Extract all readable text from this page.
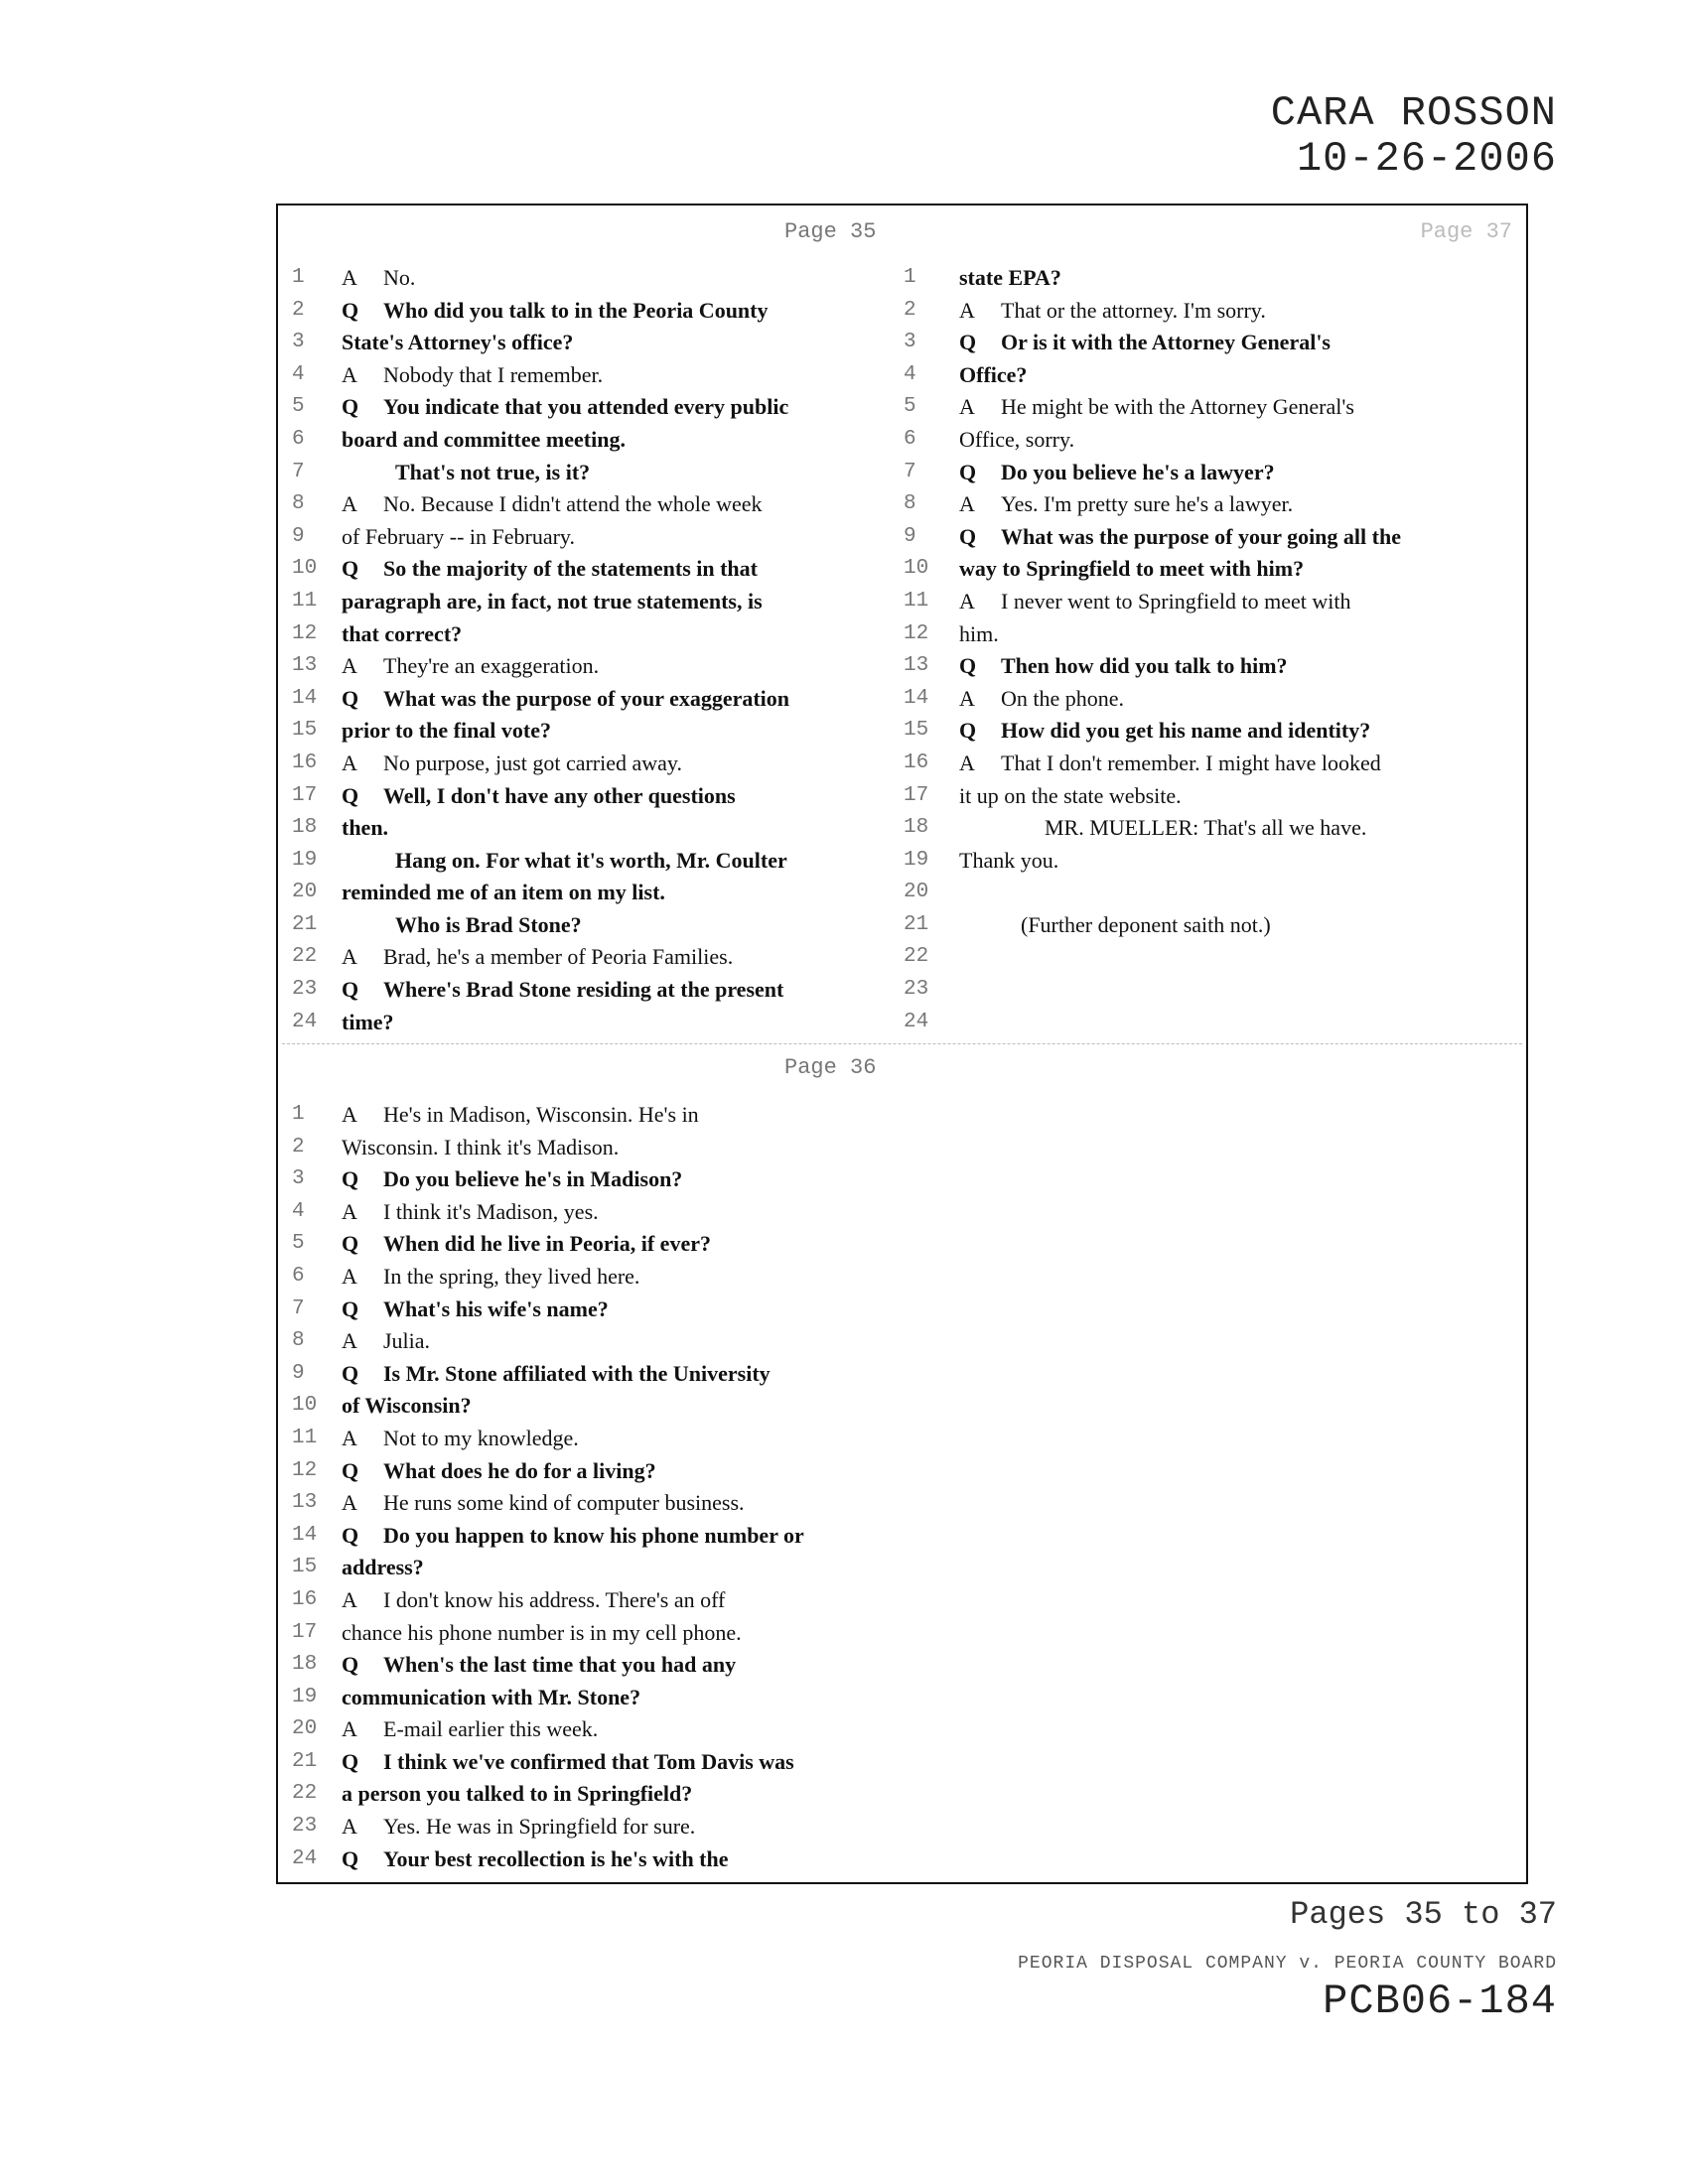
CARA ROSSON
10-26-2006
Page 35	Page 37
1	A No.
2	Q Who did you talk to in the Peoria County
3	State's Attorney's office?
4	A Nobody that I remember.
5	Q You indicate that you attended every public
6	board and committee meeting.
7	That's not true, is it?
8	A No. Because I didn't attend the whole week
9	of February -- in February.
10	Q So the majority of the statements in that
11	paragraph are, in fact, not true statements, is
12	that correct?
13	A They're an exaggeration.
14	Q What was the purpose of your exaggeration
15	prior to the final vote?
16	A No purpose, just got carried away.
17	Q Well, I don't have any other questions
18	then.
19	Hang on. For what it's worth, Mr. Coulter
20	reminded me of an item on my list.
21	Who is Brad Stone?
22	A Brad, he's a member of Peoria Families.
23	Q Where's Brad Stone residing at the present
24	time?
1	state EPA?
2	A That or the attorney. I'm sorry.
3	Q Or is it with the Attorney General's
4	Office?
5	A He might be with the Attorney General's
6	Office, sorry.
7	Q Do you believe he's a lawyer?
8	A Yes. I'm pretty sure he's a lawyer.
9	Q What was the purpose of your going all the
10	way to Springfield to meet with him?
11	A I never went to Springfield to meet with
12	him.
13	Q Then how did you talk to him?
14	A On the phone.
15	Q How did you get his name and identity?
16	A That I don't remember. I might have looked
17	it up on the state website.
18	MR. MUELLER: That's all we have.
19	Thank you.
20
21	(Further deponent saith not.)
22
23
24
Page 36
1	A He's in Madison, Wisconsin. He's in
2	Wisconsin. I think it's Madison.
3	Q Do you believe he's in Madison?
4	A I think it's Madison, yes.
5	Q When did he live in Peoria, if ever?
6	A In the spring, they lived here.
7	Q What's his wife's name?
8	A Julia.
9	Q Is Mr. Stone affiliated with the University
10	of Wisconsin?
11	A Not to my knowledge.
12	Q What does he do for a living?
13	A He runs some kind of computer business.
14	Q Do you happen to know his phone number or
15	address?
16	A I don't know his address. There's an off
17	chance his phone number is in my cell phone.
18	Q When's the last time that you had any
19	communication with Mr. Stone?
20	A E-mail earlier this week.
21	Q I think we've confirmed that Tom Davis was
22	a person you talked to in Springfield?
23	A Yes. He was in Springfield for sure.
24	Q Your best recollection is he's with the
Pages 35 to 37
PEORIA DISPOSAL COMPANY v. PEORIA COUNTY BOARD
PCB06-184
